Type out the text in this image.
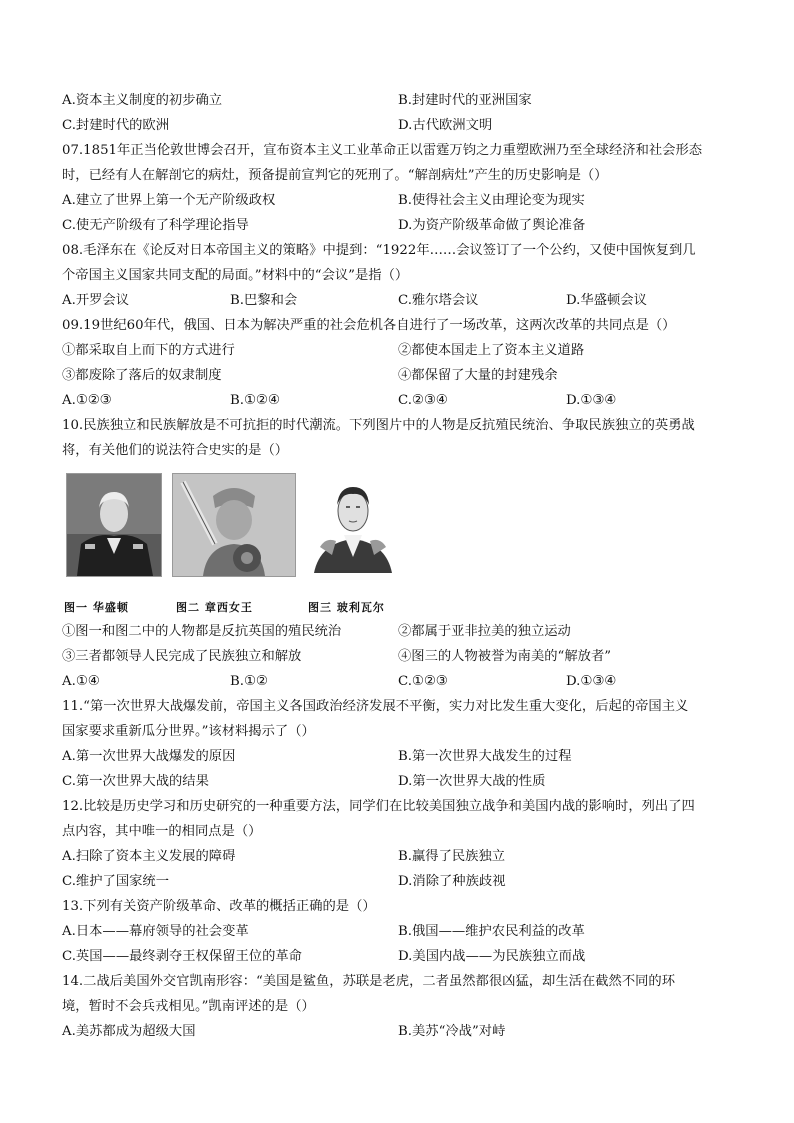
A.资本主义制度的初步确立	B.封建时代的亚洲国家
C.封建时代的欧洲	D.古代欧洲文明
07.1851年正当伦敦世博会召开，宣布资本主义工业革命正以雷霆万钧之力重塑欧洲乃至全球经济和社会形态
时，已经有人在解剖它的病灶，预备提前宣判它的死刑了。“解剖病灶”产生的历史影响是（）
A.建立了世界上第一个无产阶级政权	B.使得社会主义由理论变为现实
C.使无产阶级有了科学理论指导	D.为资产阶级革命做了舆论准备
08.毛泽东在《论反对日本帝国主义的策略》中提到：“1922年……会议签订了一个公约，又使中国恢复到几
个帝国主义国家共同支配的局面。”材料中的“会议”是指（）
A.开罗会议	B.巴黎和会	C.雅尔塔会议	D.华盛顿会议
09.19世纪60年代，俄国、日本为解决严重的社会危机各自进行了一场改革，这两次改革的共同点是（）
①都采取自上而下的方式进行	②都使本国走上了资本主义道路
③都废除了落后的奴隶制度	④都保留了大量的封建残余
A.①②③	B.①②④	C.②③④	D.①③④
10.民族独立和民族解放是不可抗拒的时代潮流。下列图片中的人物是反抗殖民统治、争取民族独立的英勇战
将，有关他们的说法符合史实的是（）
图一 华盛顿	图二 章西女王	图三 玻利瓦尔
①图一和图二中的人物都是反抗英国的殖民统治	②都属于亚非拉美的独立运动
③三者都领导人民完成了民族独立和解放	④图三的人物被誉为南美的“解放者”
A.①④	B.①②	C.①②③	D.①③④
11.“第一次世界大战爆发前，帝国主义各国政治经济发展不平衡，实力对比发生重大变化，后起的帝国主义
国家要求重新瓜分世界。”该材料揭示了（）
A.第一次世界大战爆发的原因	B.第一次世界大战发生的过程
C.第一次世界大战的结果	D.第一次世界大战的性质
12.比较是历史学习和历史研究的一种重要方法，同学们在比较美国独立战争和美国内战的影响时，列出了四
点内容，其中唯一的相同点是（）
A.扫除了资本主义发展的障碍	B.赢得了民族独立
C.维护了国家统一	D.消除了种族歧视
13.下列有关资产阶级革命、改革的概括正确的是（）
A.日本——幕府领导的社会变革	B.俄国——维护农民利益的改革
C.英国——最终剥夺王权保留王位的革命	D.美国内战——为民族独立而战
14.二战后美国外交官凯南形容：“美国是鲨鱼，苏联是老虎，二者虽然都很凶猛，却生活在截然不同的环
境，暂时不会兵戎相见。”凯南评述的是（）
A.美苏都成为超级大国	B.美苏“冷战”对峙
